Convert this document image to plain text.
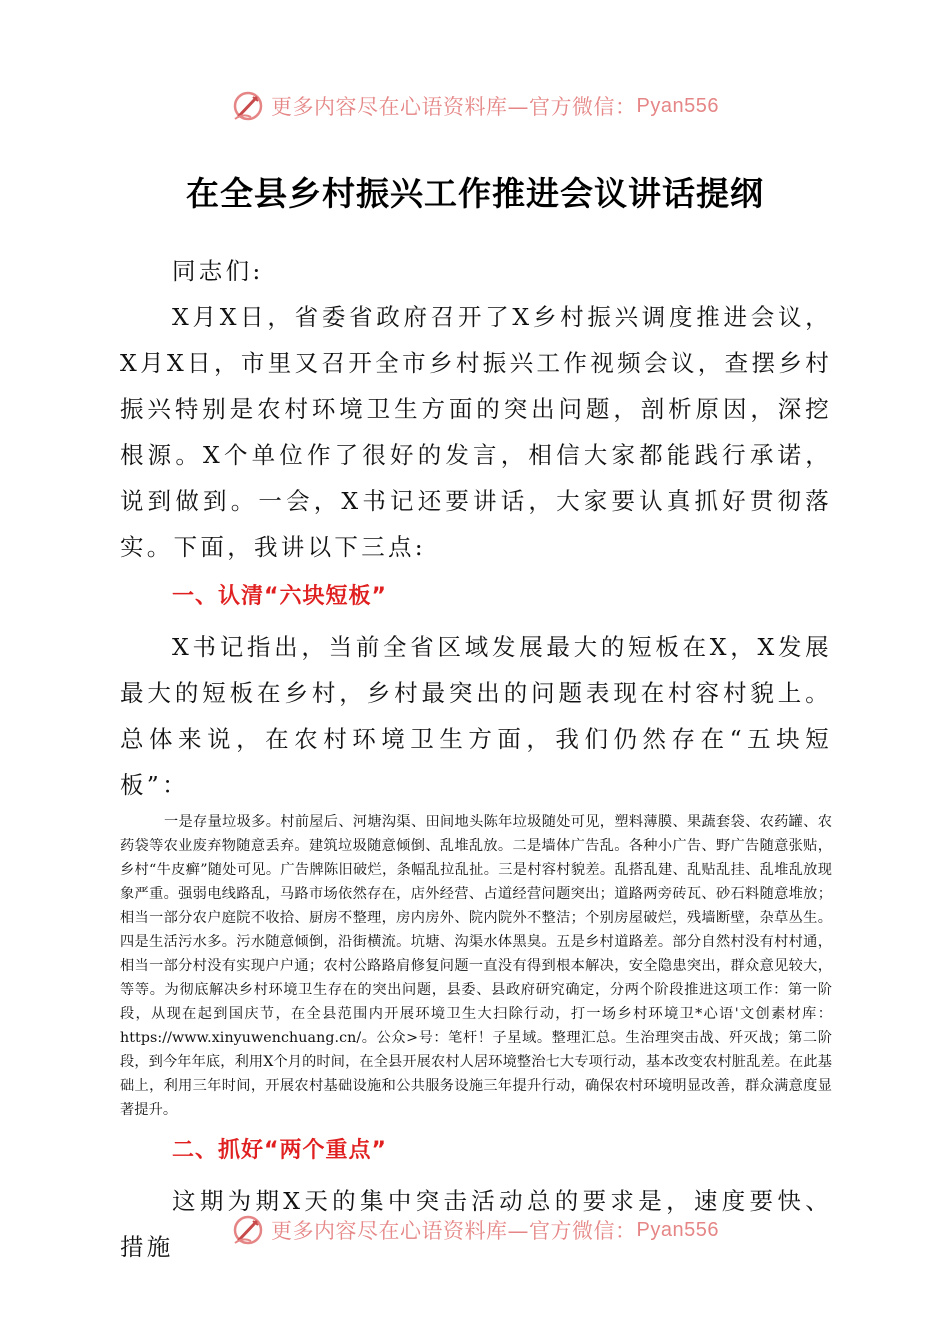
更多内容尽在心语资料库—官方微信： Pyan556
在全县乡村振兴工作推进会议讲话提纲

同志们:

X月X日，省委省政府召开了X乡村振兴调度推进会议，X月X日，市里又召开全市乡村振兴工作视频会议，查摆乡村振兴特别是农村环境卫生方面的突出问题，剖析原因，深挖根源。X个单位作了很好的发言，相信大家都能践行承诺，说到做到。一会，X书记还要讲话，大家要认真抓好贯彻落实。下面，我讲以下三点:

一、认清“六块短板”

X书记指出，当前全省区域发展最大的短板在X，X发展最大的短板在乡村，乡村最突出的问题表现在村容村貌上。总体来说，在农村环境卫生方面，我们仍然存在“五块短板”：

一是存量垃圾多。村前屋后、河塘沟渠、田间地头陈年垃圾随处可见，塑料薄膜、果蔬套袋、农药罐、农药袋等农业废弃物随意丢弃。建筑垃圾随意倾倒、乱堆乱放。二是墙体广告乱。各种小广告、野广告随意张贴，乡村“牛皮癣”随处可见。广告牌陈旧破烂，条幅乱拉乱扯。三是村容村貌差。乱搭乱建、乱贴乱挂、乱堆乱放现象严重。强弱电线路乱，马路市场依然存在，店外经营、占道经营问题突出；道路两旁砖瓦、砂石料随意堆放；相当一部分农户庭院不收拾、厨房不整理，房内房外、院内院外不整洁；个别房屋破烂，残墙断壁，杂草丛生。四是生活污水多。污水随意倾倒，沿街横流。坑塘、沟渠水体黑臭。五是乡村道路差。部分自然村没有村村通，相当一部分村没有实现户户通；农村公路路肩修复问题一直没有得到根本解决，安全隐患突出，群众意见较大，等等。为彻底解决乡村环境卫生存在的突出问题，县委、县政府研究确定，分两个阶段推进这项工作：第一阶段，从现在起到国庆节，在全县范围内开展环境卫生大扫除行动，打一场乡村环境卫*心语'文创素材库：https://www.xinyuwenchuang.cn/。公众>号：笔杆！子星域。整理汇总。生治理突击战、歼灭战；第二阶段，到今年年底，利用X个月的时间，在全县开展农村人居环境整治七大专项行动，基本改变农村脏乱差。在此基础上，利用三年时间，开展农村基础设施和公共服务设施三年提升行动，确保农村环境明显改善，群众满意度显著提升。

二、抓好“两个重点”

这期为期X天的集中突击活动总的要求是，速度要快、措施

更多内容尽在心语资料库—官方微信： Pyan556
